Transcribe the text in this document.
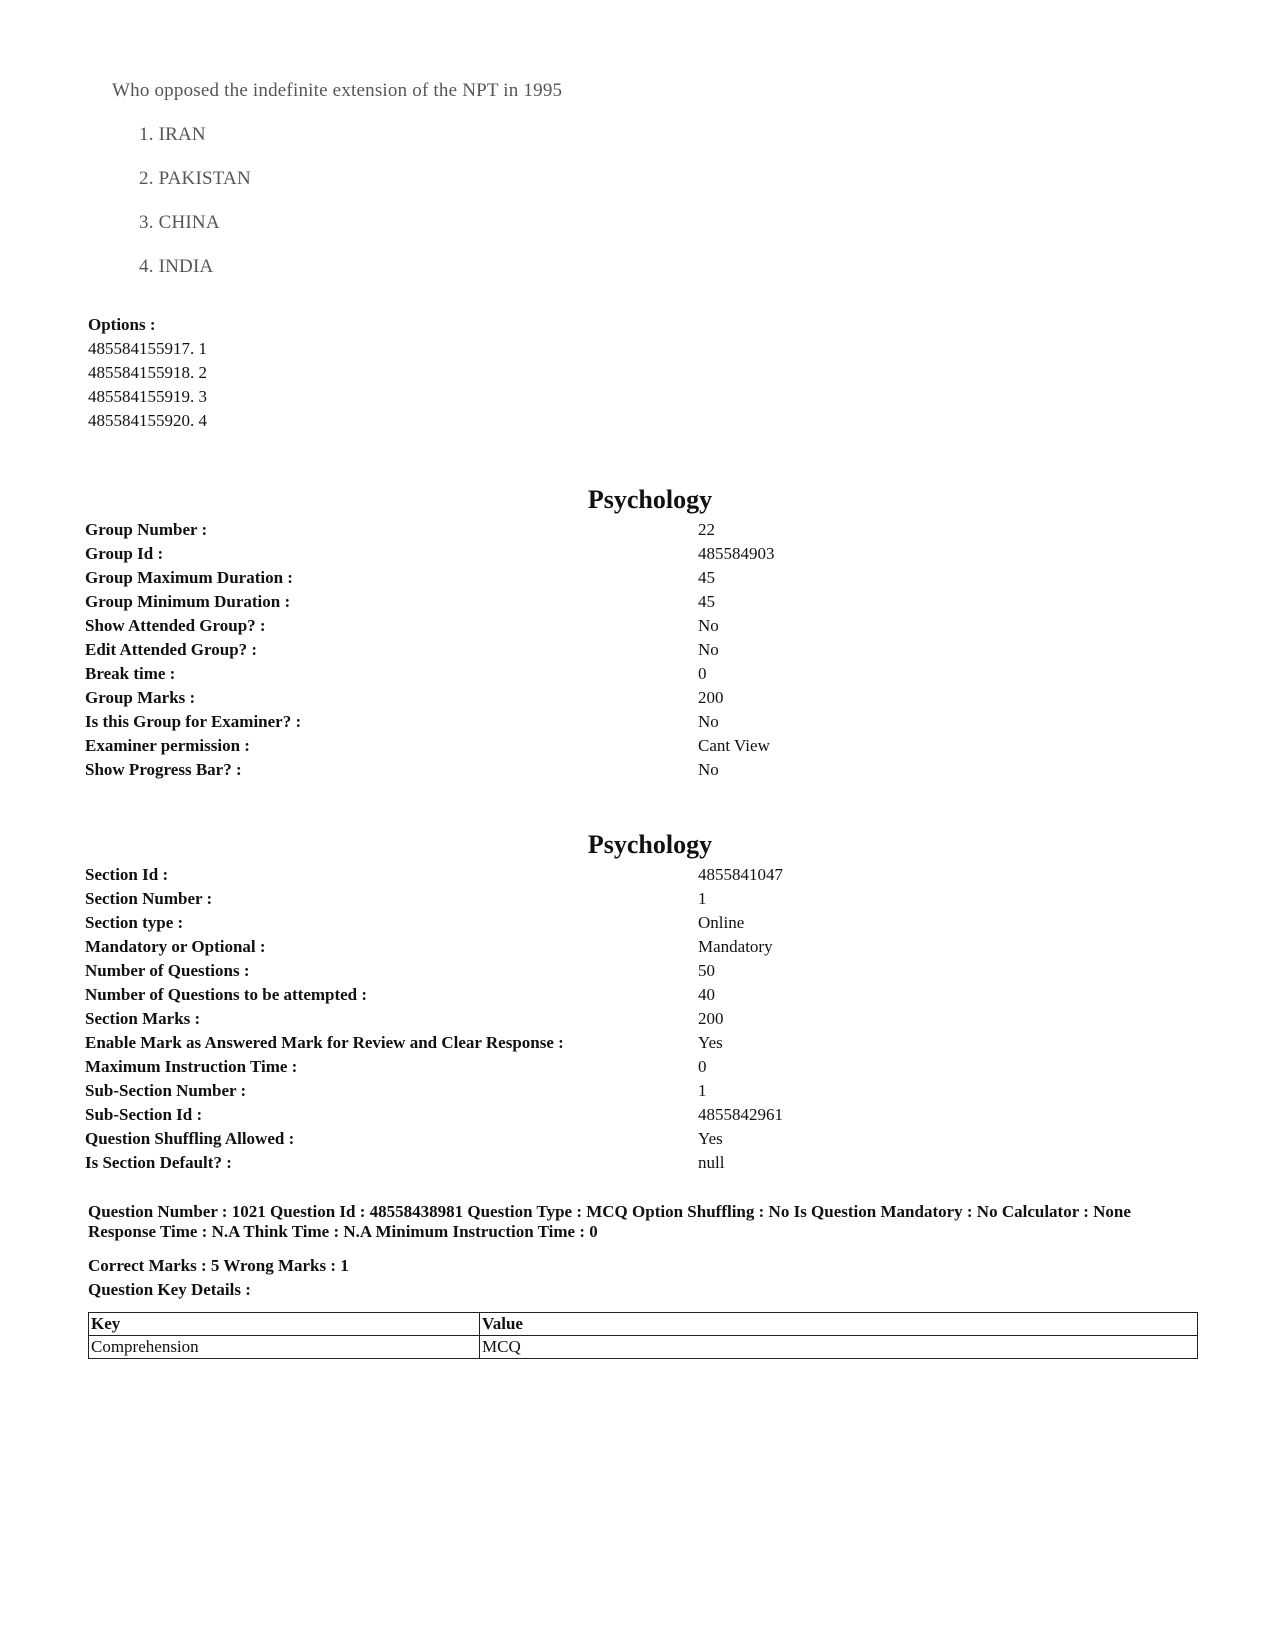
Who opposed the indefinite extension of the NPT in 1995
1. IRAN
2. PAKISTAN
3. CHINA
4. INDIA
Options :
485584155917. 1
485584155918. 2
485584155919. 3
485584155920. 4
Psychology
Group Number :	22
Group Id :	485584903
Group Maximum Duration :	45
Group Minimum Duration :	45
Show Attended Group? :	No
Edit Attended Group? :	No
Break time :	0
Group Marks :	200
Is this Group for Examiner? :	No
Examiner permission :	Cant View
Show Progress Bar? :	No
Psychology
Section Id :	4855841047
Section Number :	1
Section type :	Online
Mandatory or Optional :	Mandatory
Number of Questions :	50
Number of Questions to be attempted :	40
Section Marks :	200
Enable Mark as Answered Mark for Review and Clear Response :	Yes
Maximum Instruction Time :	0
Sub-Section Number :	1
Sub-Section Id :	4855842961
Question Shuffling Allowed :	Yes
Is Section Default? :	null
Question Number : 1021 Question Id : 48558438981 Question Type : MCQ Option Shuffling : No Is Question Mandatory : No Calculator : None Response Time : N.A Think Time : N.A Minimum Instruction Time : 0
Correct Marks : 5 Wrong Marks : 1
Question Key Details :
Key	Value
Comprehension	MCQ
